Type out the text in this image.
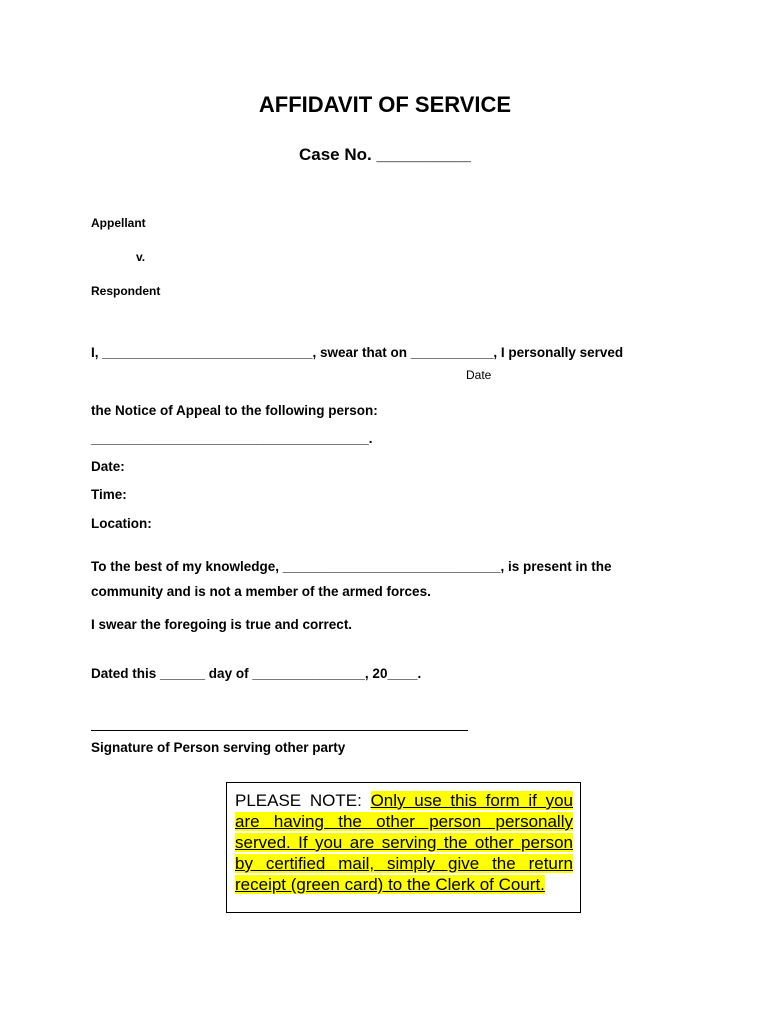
AFFIDAVIT OF SERVICE
Case No. __________
Appellant
v.
Respondent
I, ____________________________, swear that on ___________, I personally served
Date
the Notice of Appeal to the following person:
_____________________________________.
Date:
Time:
Location:
To the best of my knowledge, _____________________________, is present in the
community and is not a member of the armed forces.
I swear the foregoing is true and correct.
Dated this ______ day of _______________, 20____.
Signature of Person serving other party
PLEASE NOTE: Only use this form if you are having the other person personally served. If you are serving the other person by certified mail, simply give the return receipt (green card) to the Clerk of Court.
